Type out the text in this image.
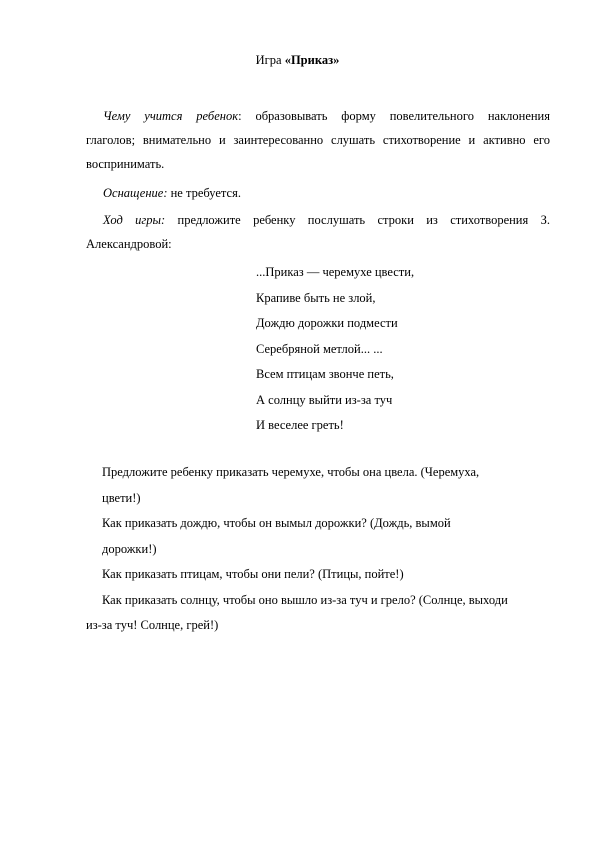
Игра «Приказ»
Чему учится ребенок: образовывать форму повелительного наклонения
глаголов; внимательно и заинтересованно слушать стихотворение и активно его
воспринимать.
Оснащение: не требуется.
Ход игры: предложите ребенку послушать строки из стихотворения З.
Александровой:
...Приказ — черемухе цвести,
Крапиве быть не злой,
Дождю дорожки подмести
Серебряной метлой... ...
Всем птицам звонче петь,
А солнцу выйти из-за туч
И веселее греть!
Предложите ребенку приказать черемухе, чтобы она цвела. (Черемуха,
цвети!)
Как приказать дождю, чтобы он вымыл дорожки? (Дождь, вымой
дорожки!)
Как приказать птицам, чтобы они пели? (Птицы, пойте!)
Как приказать солнцу, чтобы оно вышло из-за туч и грело? (Солнце, выходи
из-за туч! Солнце, грей!)
